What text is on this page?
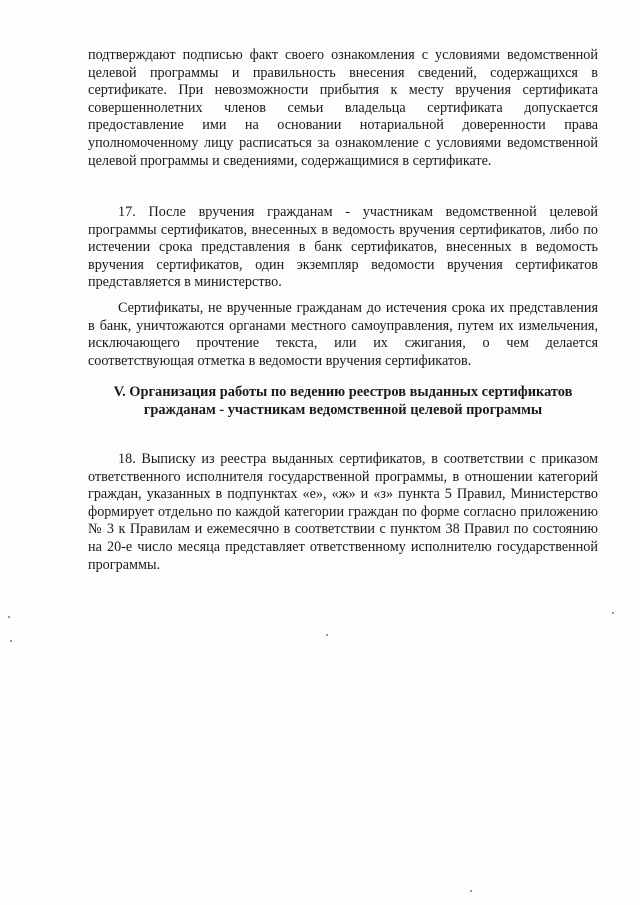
подтверждают подписью факт своего ознакомления с условиями ведомственной целевой программы и правильность внесения сведений, содержащихся в сертификате. При невозможности прибытия к месту вручения сертификата совершеннолетних членов семьи владельца сертификата допускается предоставление ими на основании нотариальной доверенности права уполномоченному лицу расписаться за ознакомление с условиями ведомственной целевой программы и сведениями, содержащимися в сертификате.

17. После вручения гражданам - участникам ведомственной целевой программы сертификатов, внесенных в ведомость вручения сертификатов, либо по истечении срока представления в банк сертификатов, внесенных в ведомость вручения сертификатов, один экземпляр ведомости вручения сертификатов представляется в министерство.

Сертификаты, не врученные гражданам до истечения срока их представления в банк, уничтожаются органами местного самоуправления, путем их измельчения, исключающего прочтение текста, или их сжигания, о чем делается соответствующая отметка в ведомости вручения сертификатов.

V. Организация работы по ведению реестров выданных сертификатов гражданам - участникам ведомственной целевой программы

18. Выписку из реестра выданных сертификатов, в соответствии с приказом ответственного исполнителя государственной программы, в отношении категорий граждан, указанных в подпунктах «е», «ж» и «з» пункта 5 Правил, Министерство формирует отдельно по каждой категории граждан по форме согласно приложению № 3 к Правилам и ежемесячно в соответствии с пунктом 38 Правил по состоянию на 20-е число месяца представляет ответственному исполнителю государственной программы.
